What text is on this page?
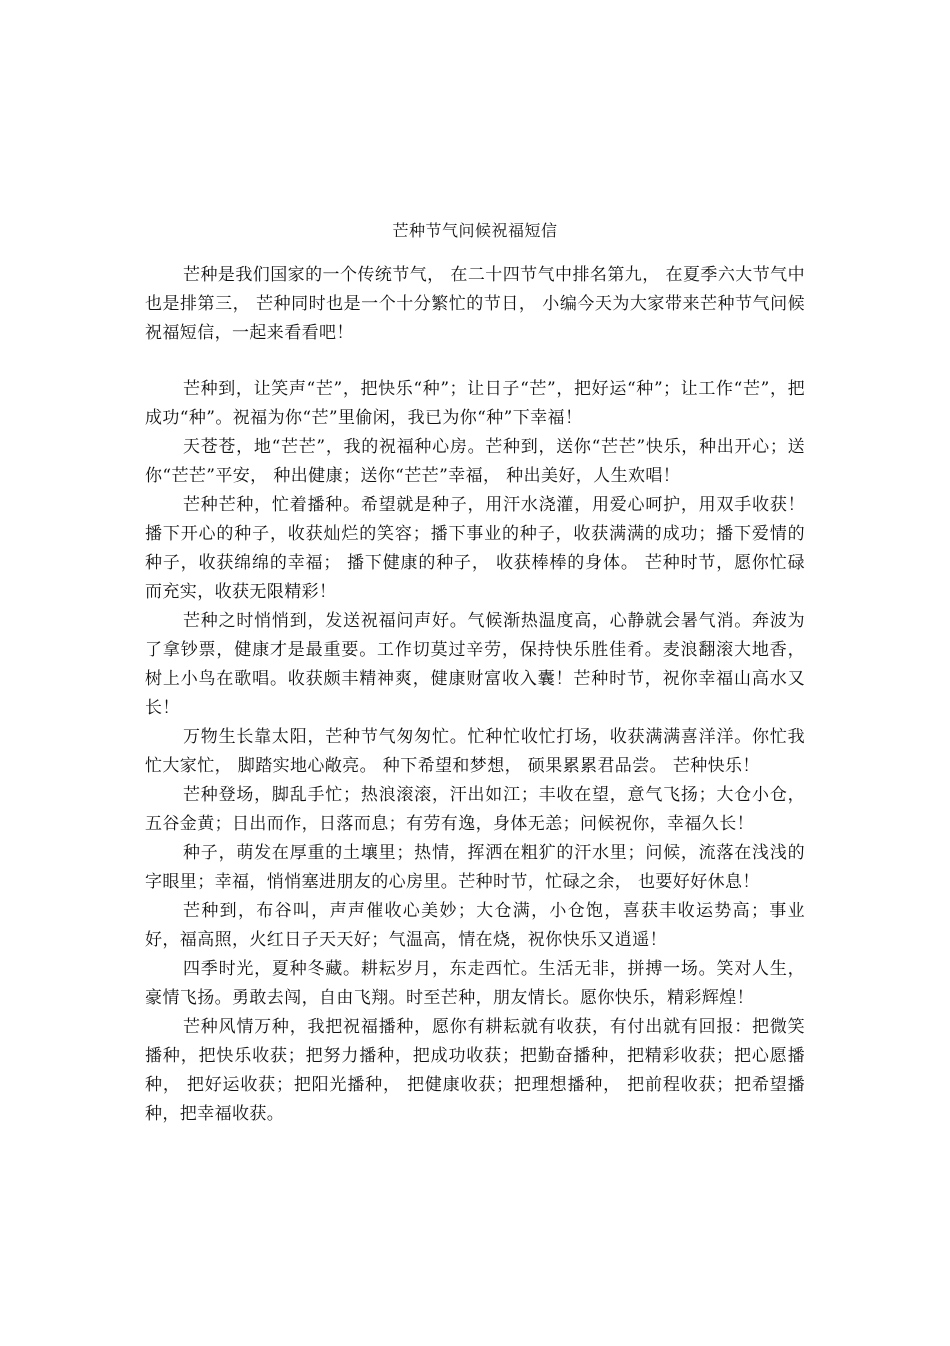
芒种节气问候祝福短信

芒种是我们国家的一个传统节气， 在二十四节气中排名第九， 在夏季六大节气中也是排第三， 芒种同时也是一个十分繁忙的节日， 小编今天为大家带来芒种节气问候祝福短信，一起来看看吧！

芒种到，让笑声“芒”，把快乐“种”；让日子“芒”，把好运“种”；让工作“芒”，把成功“种”。祝福为你“芒”里偷闲，我已为你“种”下幸福！

天苍苍，地“芒芒”，我的祝福种心房。芒种到，送你“芒芒”快乐，种出开心；送你“芒芒”平安， 种出健康；送你“芒芒”幸福， 种出美好，人生欢唱！

芒种芒种，忙着播种。希望就是种子，用汗水浇灌，用爱心呵护，用双手收获！播下开心的种子，收获灿烂的笑容；播下事业的种子，收获满满的成功；播下爱情的种子，收获绵绵的幸福； 播下健康的种子， 收获棒棒的身体。 芒种时节，愿你忙碌而充实，收获无限精彩！

芒种之时悄悄到，发送祝福问声好。气候渐热温度高，心静就会暑气消。奔波为了拿钞票，健康才是最重要。工作切莫过辛劳，保持快乐胜佳肴。麦浪翻滚大地香，树上小鸟在歌唱。收获颇丰精神爽，健康财富收入囊！芒种时节，祝你幸福山高水又长！

万物生长靠太阳，芒种节气匆匆忙。忙种忙收忙打场，收获满满喜洋洋。你忙我忙大家忙， 脚踏实地心敞亮。 种下希望和梦想， 硕果累累君品尝。 芒种快乐！

芒种登场，脚乱手忙；热浪滚滚，汗出如江；丰收在望，意气飞扬；大仓小仓，五谷金黄；日出而作，日落而息；有劳有逸，身体无恙；问候祝你，幸福久长！

种子，萌发在厚重的土壤里；热情，挥洒在粗犷的汗水里；问候，流落在浅浅的字眼里；幸福，悄悄塞进朋友的心房里。芒种时节，忙碌之余， 也要好好休息！

芒种到，布谷叫，声声催收心美妙；大仓满，小仓饱，喜获丰收运势高；事业好，福高照，火红日子天天好；气温高，情在烧，祝你快乐又逍遥！

四季时光，夏种冬藏。耕耘岁月，东走西忙。生活无非，拼搏一场。笑对人生，豪情飞扬。勇敢去闯，自由飞翔。时至芒种，朋友情长。愿你快乐，精彩辉煌！

芒种风情万种，我把祝福播种，愿你有耕耘就有收获，有付出就有回报：把微笑播种，把快乐收获；把努力播种，把成功收获；把勤奋播种，把精彩收获；把心愿播种， 把好运收获；把阳光播种， 把健康收获；把理想播种， 把前程收获；把希望播种，把幸福收获。
